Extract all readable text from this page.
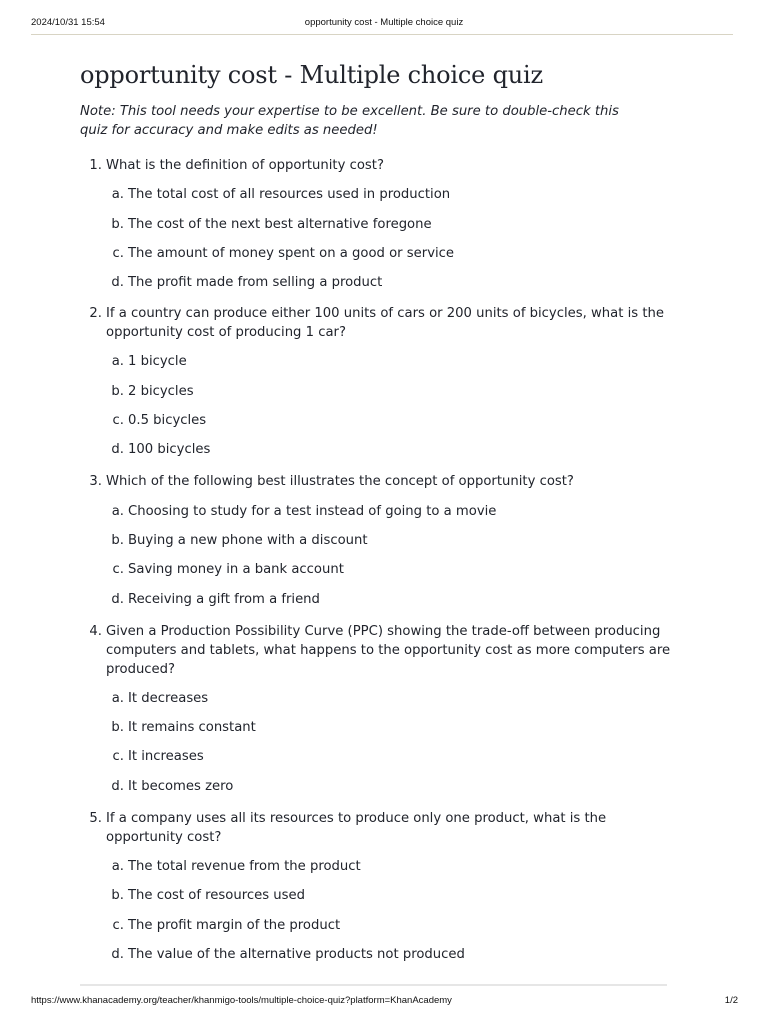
2024/10/31 15:54	opportunity cost - Multiple choice quiz
opportunity cost - Multiple choice quiz
Note: This tool needs your expertise to be excellent. Be sure to double-check this quiz for accuracy and make edits as needed!
1. What is the definition of opportunity cost?
a. The total cost of all resources used in production
b. The cost of the next best alternative foregone
c. The amount of money spent on a good or service
d. The profit made from selling a product
2. If a country can produce either 100 units of cars or 200 units of bicycles, what is the opportunity cost of producing 1 car?
a. 1 bicycle
b. 2 bicycles
c. 0.5 bicycles
d. 100 bicycles
3. Which of the following best illustrates the concept of opportunity cost?
a. Choosing to study for a test instead of going to a movie
b. Buying a new phone with a discount
c. Saving money in a bank account
d. Receiving a gift from a friend
4. Given a Production Possibility Curve (PPC) showing the trade-off between producing computers and tablets, what happens to the opportunity cost as more computers are produced?
a. It decreases
b. It remains constant
c. It increases
d. It becomes zero
5. If a company uses all its resources to produce only one product, what is the opportunity cost?
a. The total revenue from the product
b. The cost of resources used
c. The profit margin of the product
d. The value of the alternative products not produced
https://www.khanacademy.org/teacher/khanmigo-tools/multiple-choice-quiz?platform=KhanAcademy	1/2
